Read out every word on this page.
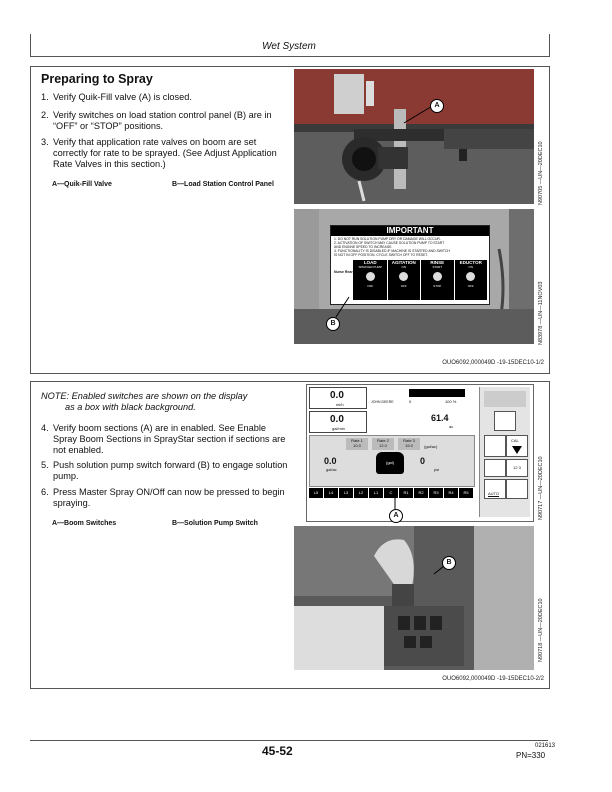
Wet System
Preparing to Spray
1. Verify Quik-Fill valve (A) is closed.
2. Verify switches on load station control panel (B) are in “OFF” or “STOP” positions.
3. Verify that application rate valves on boom are set correctly for rate to be sprayed. (See Adjust Application Rate Valves in this section.)
A—Quik-Fill Valve	B—Load Station Control Panel
A
N90705 —UN—20DEC10
IMPORTANT
1. DO NOT RUN SOLUTION PUMP DRY OR DAMAGE WILL OCCUR.
2. ACTIVATION OF SWITCH MAY CAUSE SOLUTION PUMP TO START
AND ENGINE SPEED TO INCREASE.
3. FUNCTIONALITY IS DISABLED IF MACHINE IS STARTED AND SWITCH
IS NOT IN OFF POSITION. CYCLE SWITCH OFF TO RESET.
Nurse Rear
LOAD
SPRAYER PUMP
OFF
AGITATION
ON
OFF
RINSE
START
STOP
EDUCTOR
ON
OFF
B	N83978 —UN—11NOV03
OUO6092,000049D -19-15DEC10-1/2
NOTE: Enabled switches are shown on the display
as a box with black background.
4. Verify boom sections (A) are in enabled. See Enable Spray Boom Sections in SprayStar section if sections are not enabled.
5. Push solution pump switch forward (B) to engage solution pump.
6. Press Master Spray ON/Off can now be pressed to begin spraying.
A—Boom Switches	B—Solution Pump Switch
0.0
mi/h	JOHN DEERE	0	100 %
0.0
gal/min
61.4
ac
Rate 1
10.0
Rate 2
12.0
Rate 3
15.0	(gal/ac)
0.0
gal/ac
(gal)	0
psi
L5	L4	L3	L2	L1	C	R1	R2	R3	R4	R5
CAL
12 3
AUTO
A	N90717 —UN—20DEC10
B
N90718 —UN—20DEC10
OUO6092,000049D -19-15DEC10-2/2
45-52	021613
PN=330
